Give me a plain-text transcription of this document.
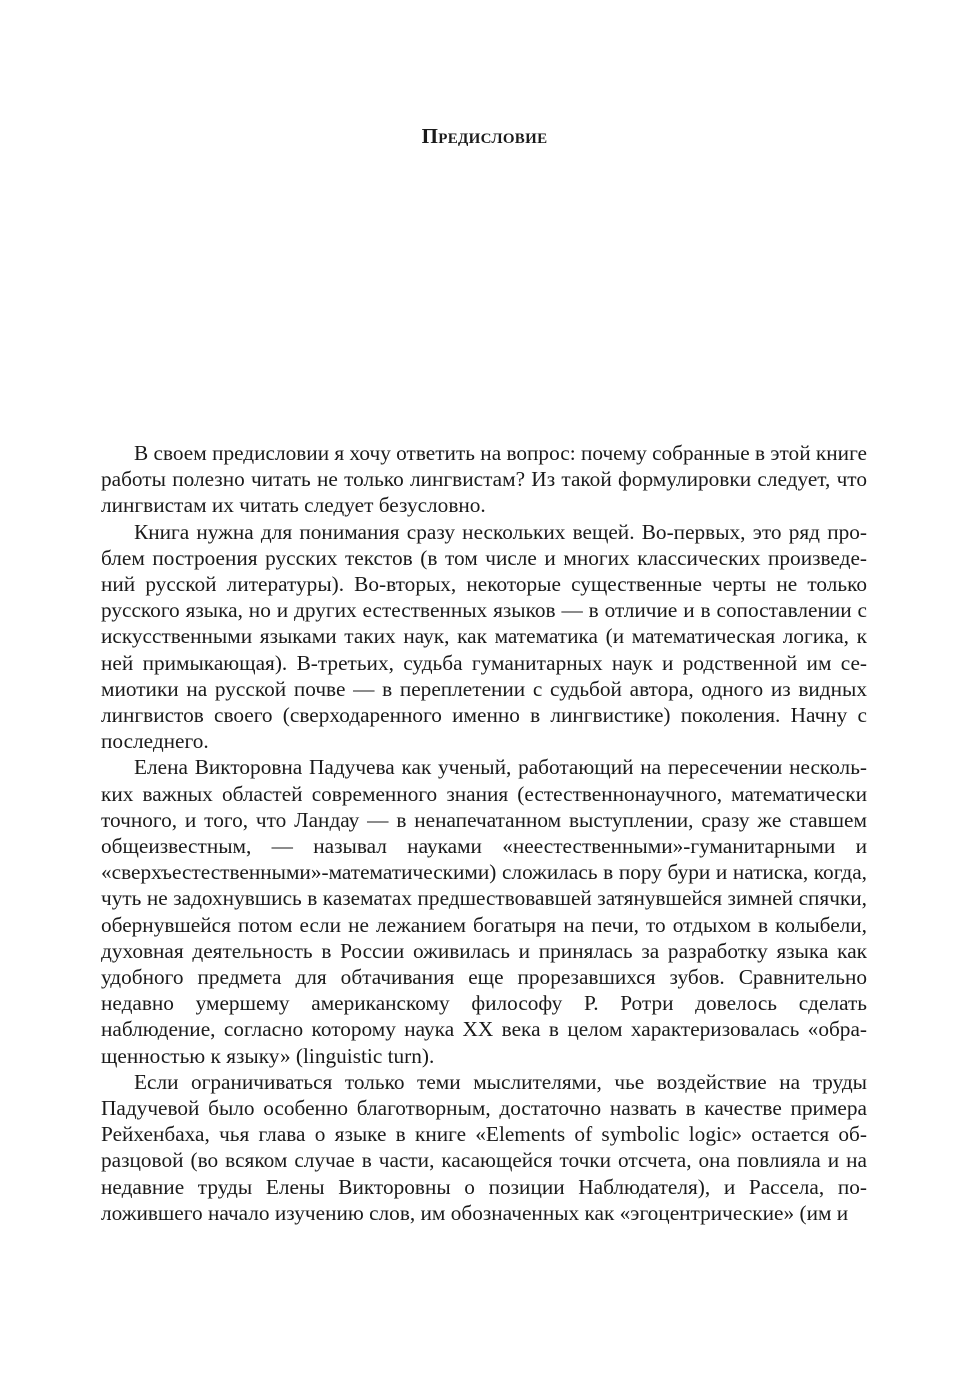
Предисловие

В своем предисловии я хочу ответить на вопрос: почему собранные в этой книге работы полезно читать не только лингвистам? Из такой формулировки следует, что лингвистам их читать следует безусловно.

Книга нужна для понимания сразу нескольких вещей. Во-первых, это ряд проблем построения русских текстов (в том числе и многих классических произведений русской литературы). Во-вторых, некоторые существенные черты не только русского языка, но и других естественных языков — в отличие и в сопоставлении с искусственными языками таких наук, как математика (и математическая логика, к ней примыкающая). В-третьих, судьба гуманитарных наук и родственной им семиотики на русской почве — в переплетении с судьбой автора, одного из видных лингвистов своего (сверходаренного именно в лингвистике) поколения. Начну с последнего.

Елена Викторовна Падучева как ученый, работающий на пересечении нескольких важных областей современного знания (естественнонаучного, математически точного, и того, что Ландау — в ненапечатанном выступлении, сразу же ставшем общеизвестным, — называл науками «неестественными»-гуманитарными и «сверхъестественными»-математическими) сложилась в пору бури и натиска, когда, чуть не задохнувшись в казематах предшествовавшей затянувшейся зимней спячки, обернувшейся потом если не лежанием богатыря на печи, то отдыхом в колыбели, духовная деятельность в России оживилась и принялась за разработку языка как удобного предмета для обтачивания еще прорезавшихся зубов. Сравнительно недавно умершему американскому философу Р. Ротри довелось сделать наблюдение, согласно которому наука XX века в целом характеризовалась «обращенностью к языку» (linguistic turn).

Если ограничиваться только теми мыслителями, чье воздействие на труды Падучевой было особенно благотворным, достаточно назвать в качестве примера Рейхенбаха, чья глава о языке в книге «Elements of symbolic logic» остается образцовой (во всяком случае в части, касающейся точки отсчета, она повлияла и на недавние труды Елены Викторовны о позиции Наблюдателя), и Рассела, положившего начало изучению слов, им обозначенных как «эгоцентрические» (им и
